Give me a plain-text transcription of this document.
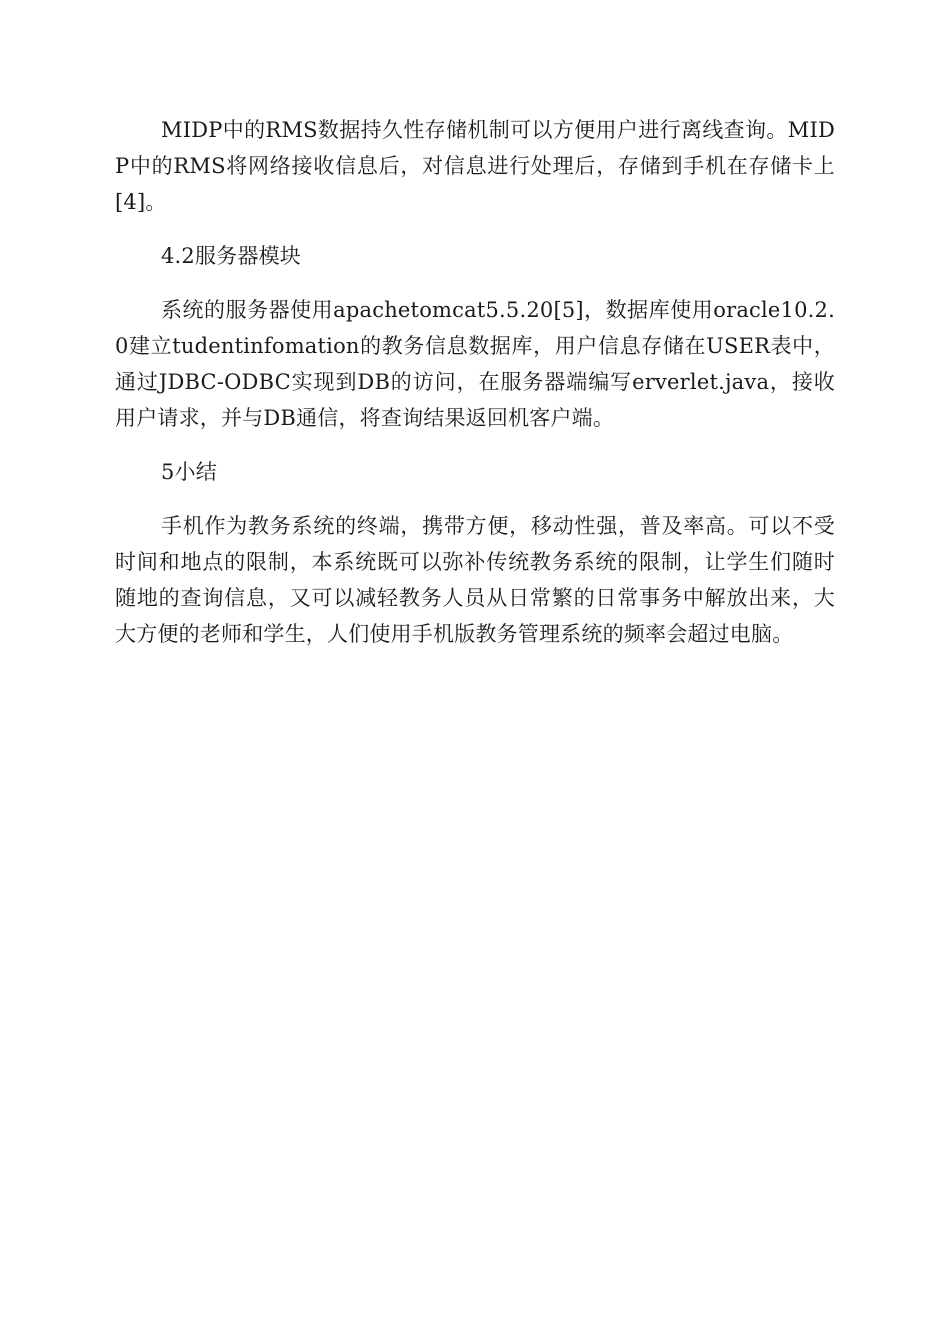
MIDP中的RMS数据持久性存储机制可以方便用户进行离线查询。MIDP中的RMS将网络接收信息后，对信息进行处理后，存储到手机在存储卡上[4]。

4.2服务器模块

系统的服务器使用apachetomcat5.5.20[5]，数据库使用oracle10.2.0建立tudentinfomation的教务信息数据库，用户信息存储在USER表中，通过JDBC-ODBC实现到DB的访问，在服务器端编写erverlet.java，接收用户请求，并与DB通信，将查询结果返回机客户端。

5小结

手机作为教务系统的终端，携带方便，移动性强，普及率高。可以不受时间和地点的限制，本系统既可以弥补传统教务系统的限制，让学生们随时随地的查询信息，又可以减轻教务人员从日常繁的日常事务中解放出来，大大方便的老师和学生，人们使用手机版教务管理系统的频率会超过电脑。
